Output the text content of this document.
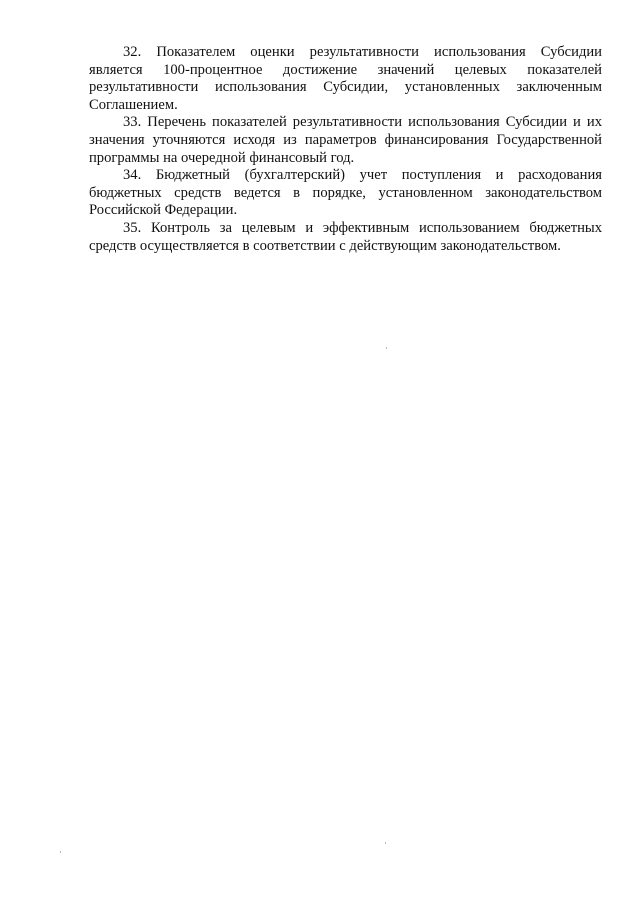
32. Показателем оценки результативности использования Субсидии является 100-процентное достижение значений целевых показателей результативности использования Субсидии, установленных заключенным Соглашением.

33. Перечень показателей результативности использования Субсидии и их значения уточняются исходя из параметров финансирования Государственной программы на очередной финансовый год.

34. Бюджетный (бухгалтерский) учет поступления и расходования бюджетных средств ведется в порядке, установленном законодательством Российской Федерации.

35. Контроль за целевым и эффективным использованием бюджетных средств осуществляется в соответствии с действующим законодательством.
